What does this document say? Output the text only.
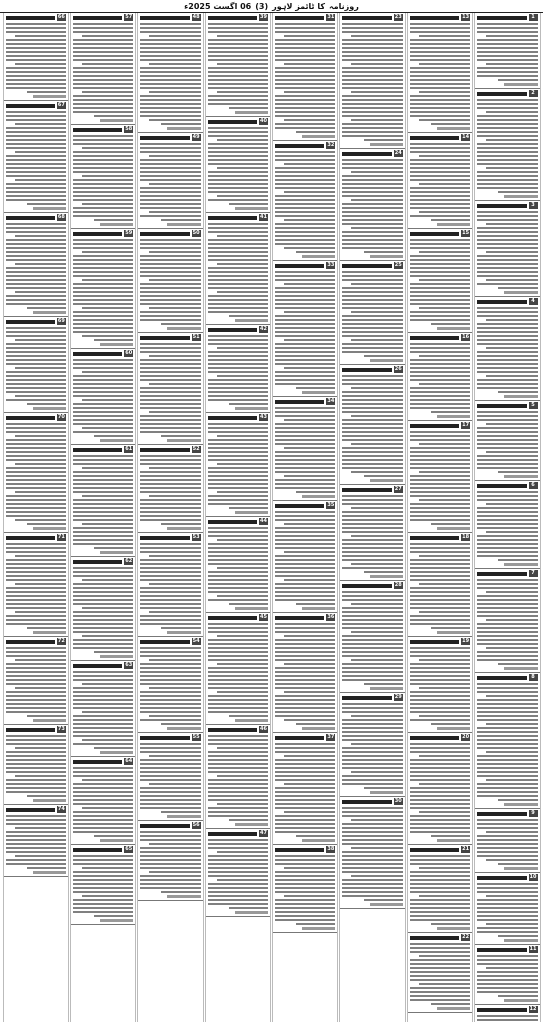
روزنامہ
کا ٹائمز لاہور
(3)
06 اگست 2025ء
1
2
3
4
5
6
7
8
9
10
11
12
13
14
15
16
17
18
19
20
21
22
23
24
25
26
27
28
29
30
31
32
33
34
35
36
37
38
39
40
41
42
43
44
45
46
47
48
49
50
51
52
53
54
55
56
57
58
59
60
61
62
63
64
65
66
67
68
69
70
71
72
73
74
